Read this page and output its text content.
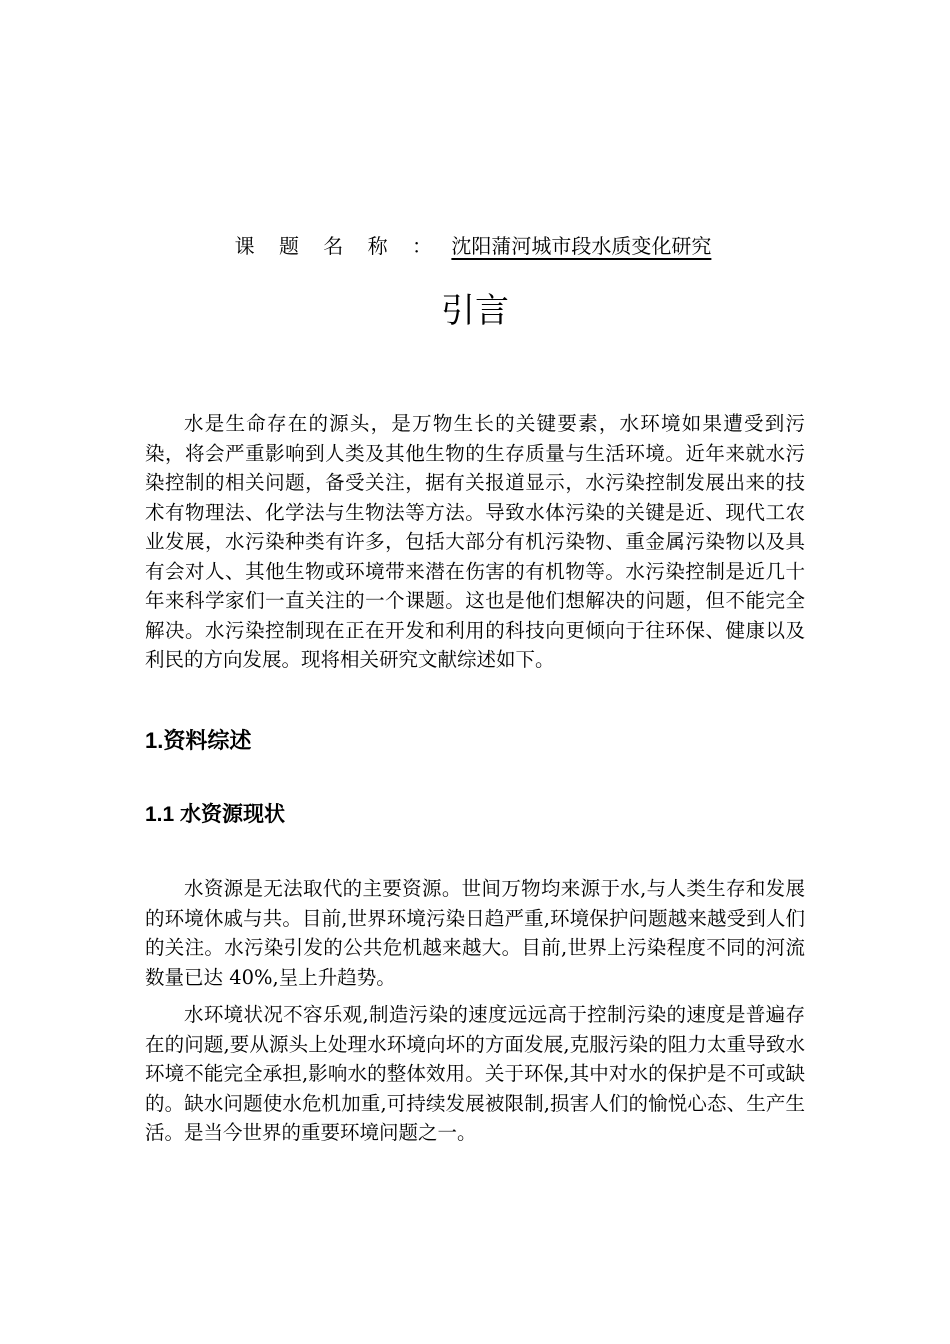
课 题 名 称 ： 沈阳蒲河城市段水质变化研究
引言

水是生命存在的源头，是万物生长的关键要素，水环境如果遭受到污染，将会严重影响到人类及其他生物的生存质量与生活环境。近年来就水污染控制的相关问题，备受关注，据有关报道显示，水污染控制发展出来的技术有物理法、化学法与生物法等方法。导致水体污染的关键是近、现代工农业发展，水污染种类有许多，包括大部分有机污染物、重金属污染物以及具有会对人、其他生物或环境带来潜在伤害的有机物等。水污染控制是近几十年来科学家们一直关注的一个课题。这也是他们想解决的问题，但不能完全解决。水污染控制现在正在开发和利用的科技向更倾向于往环保、健康以及利民的方向发展。现将相关研究文献综述如下。

1.资料综述
1.1 水资源现状

水资源是无法取代的主要资源。世间万物均来源于水,与人类生存和发展的环境休戚与共。目前,世界环境污染日趋严重,环境保护问题越来越受到人们的关注。水污染引发的公共危机越来越大。目前,世界上污染程度不同的河流数量已达 40%,呈上升趋势。

水环境状况不容乐观,制造污染的速度远远高于控制污染的速度是普遍存在的问题,要从源头上处理水环境向坏的方面发展,克服污染的阻力太重导致水环境不能完全承担,影响水的整体效用。关于环保,其中对水的保护是不可或缺的。缺水问题使水危机加重,可持续发展被限制,损害人们的愉悦心态、生产生活。是当今世界的重要环境问题之一。
